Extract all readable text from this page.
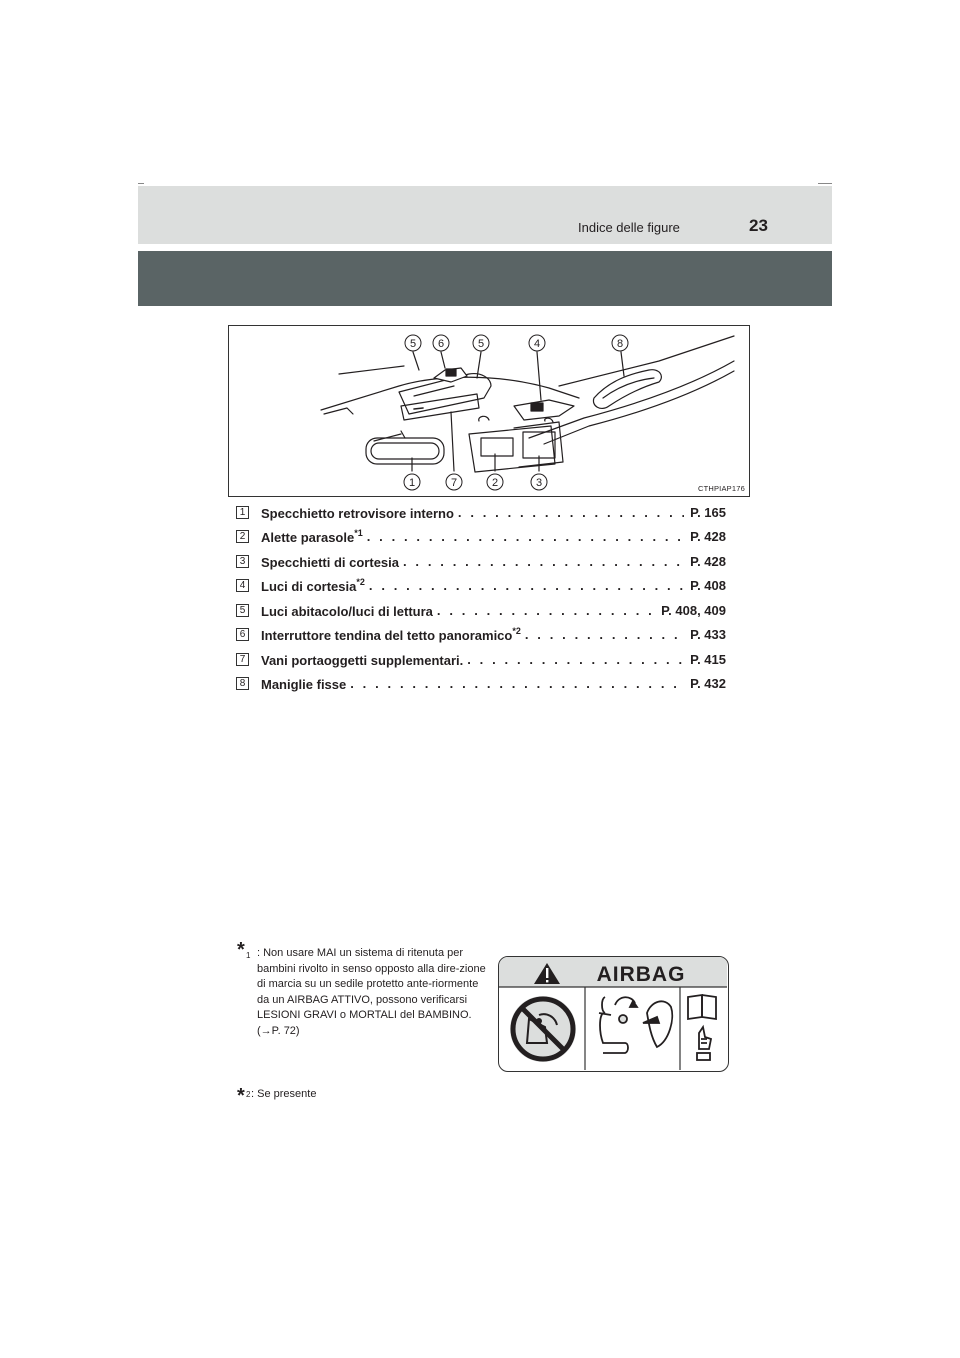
Indice delle figure	23
5 6	5	4	8
1	7	2	3	CTHPIAP176
1 Specchietto retrovisore interno . . .	P. 165
2 Alette parasole$^{*1}$ . . .	P. 428
3 Specchietti di cortesia . . .	P. 428
4 Luci di cortesia$^{*2}$ . . .	P. 408
5 Luci abitacolo/luci di lettura . . .	P. 408, 409
6 Interruttore tendina del tetto panoramico$^{*2}$ . . .	P. 433
7 Vani portaoggetti supplementari. . . .	P. 415
8 Maniglie fisse . . .	P. 432
* 1 : Non usare MAI un sistema di ritenuta per bambini rivolto in senso opposto alla dire-zione di marcia su un sedile protetto ante-riormente da un AIRBAG ATTIVO, possono verificarsi LESIONI GRAVI o MORTALI del BAMBINO. (→P. 72)
* 2 : Se presente
AIRBAG
